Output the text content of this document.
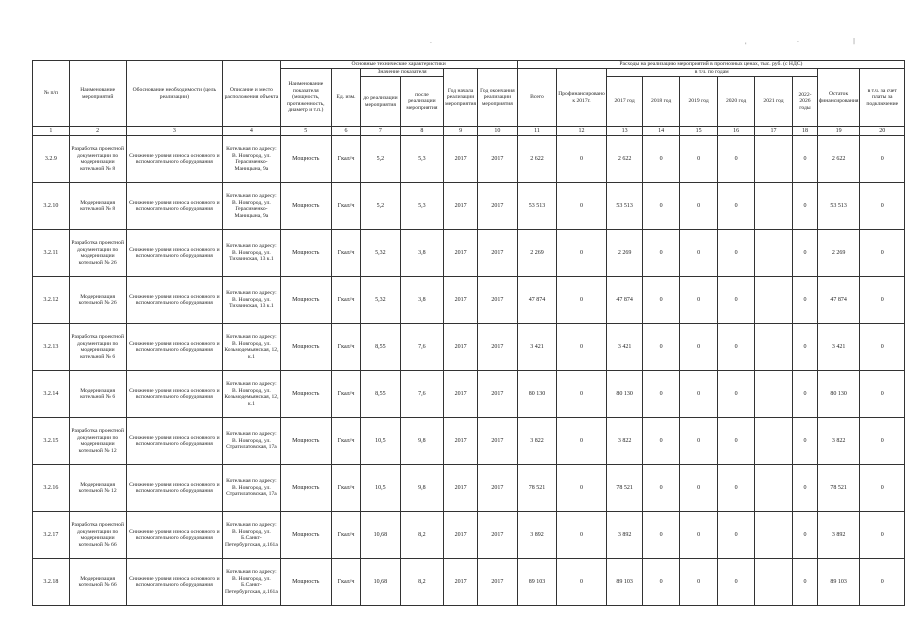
·	'	·	|
№ п/п	Наименование мероприятий	Обоснование необходимости (цель реализации)	Описание и место расположения объекта	Основные технические характеристики						Расходы на реализацию мероприятий в прогнозных ценах, тыс. руб. (с НДС)									
				Наименование показателя (мощность, протяженность, диаметр и т.п.)	Ед. изм.	Значение показателя		Год начала реализации мероприятия	Год окончания реализации мероприятия	Всего	Профинансировано к 2017г.	в т.ч. по годам						Остаток финансирования	в т.ч. за счет платы за подключение
						до реализации мероприятия	после реализации мероприятия					2017 год	2018 год	2019 год	2020 год	2021 год	2022-2026 годы		

1	2	3	4	5	6	7	8	9	10	11	12	13	14	15	16	17	18	19	20
3.2.9	Разработка проектной документации по модернизации котельной № 8	Снижение уровня износа основного и вспомогательного оборудования	Котельная по адресу: В. Новгород, ул. Герасименко-Маницына, 9а	Мощность	Гкал/ч	5,2	5,3	2017	2017	2 622	0	2 622	0	0	0		0	2 622	0
3.2.10	Модернизация котельной № 8	Снижение уровня износа основного и вспомогательного оборудования	Котельная по адресу: В. Новгород, ул. Герасименко-Маницына, 9а	Мощность	Гкал/ч	5,2	5,3	2017	2017	53 513	0	53 513	0	0	0		0	53 513	0
3.2.11	Разработка проектной документации по модернизации котельной № 26	Снижение уровня износа основного и вспомогательного оборудования	Котельная по адресу: В. Новгород, ул. Тихвинская, 13 к.1	Мощность	Гкал/ч	5,32	3,8	2017	2017	2 269	0	2 269	0	0	0		0	2 269	0
3.2.12	Модернизация котельной № 26	Снижение уровня износа основного и вспомогательного оборудования	Котельная по адресу: В. Новгород, ул. Тихвинская, 13 к.1	Мощность	Гкал/ч	5,32	3,8	2017	2017	47 874	0	47 874	0	0	0		0	47 874	0
3.2.13	Разработка проектной документации по модернизации котельной № 6	Снижение уровня износа основного и вспомогательного оборудования	Котельная по адресу: В. Новгород, ул. Козьмодемьянская, 12, к.1	Мощность	Гкал/ч	8,55	7,6	2017	2017	3 421	0	3 421	0	0	0		0	3 421	0
3.2.14	Модернизация котельной № 6	Снижение уровня износа основного и вспомогательного оборудования	Котельная по адресу: В. Новгород, ул. Козьмодемьянская, 12, к.1	Мощность	Гкал/ч	8,55	7,6	2017	2017	80 130	0	80 130	0	0	0		0	80 130	0
3.2.15	Разработка проектной документации по модернизации котельной № 12	Снижение уровня износа основного и вспомогательного оборудования	Котельная по адресу: В. Новгород, ул. Стратилатовская, 17а	Мощность	Гкал/ч	10,5	9,8	2017	2017	3 822	0	3 822	0	0	0		0	3 822	0
3.2.16	Модернизация котельной № 12	Снижение уровня износа основного и вспомогательного оборудования	Котельная по адресу: В. Новгород, ул. Стратилатовская, 17а	Мощность	Гкал/ч	10,5	9,8	2017	2017	78 521	0	78 521	0	0	0		0	78 521	0
3.2.17	Разработка проектной документации по модернизации котельной № 66	Снижение уровня износа основного и вспомогательного оборудования	Котельная по адресу: В. Новгород, ул. Б.Санкт-Петербургская, д.161а	Мощность	Гкал/ч	10,68	8,2	2017	2017	3 892	0	3 892	0	0	0		0	3 892	0
3.2.18	Модернизация котельной № 66	Снижение уровня износа основного и вспомогательного оборудования	Котельная по адресу: В. Новгород, ул. Б.Санкт-Петербургская, д.161а	Мощность	Гкал/ч	10,68	8,2	2017	2017	89 103	0	89 103	0	0	0		0	89 103	0
